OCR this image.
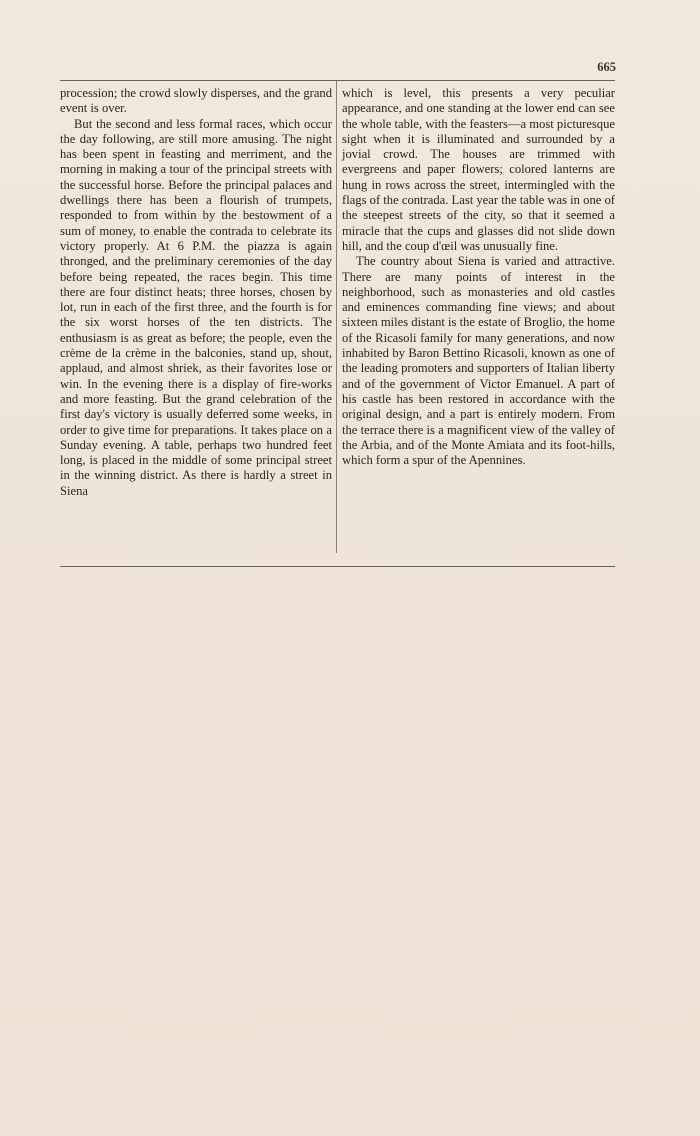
665

procession; the crowd slowly disperses, and the grand event is over.

But the second and less formal races, which occur the day following, are still more amusing. The night has been spent in feasting and merriment, and the morning in making a tour of the principal streets with the successful horse. Before the principal palaces and dwellings there has been a flourish of trumpets, responded to from within by the bestowment of a sum of money, to enable the contrada to celebrate its victory properly. At 6 P.M. the piazza is again thronged, and the preliminary ceremonies of the day before being repeated, the races begin. This time there are four distinct heats; three horses, chosen by lot, run in each of the first three, and the fourth is for the six worst horses of the ten districts. The enthusiasm is as great as before; the people, even the crème de la crème in the balconies, stand up, shout, applaud, and almost shriek, as their favorites lose or win. In the evening there is a display of fire-works and more feasting. But the grand celebration of the first day's victory is usually deferred some weeks, in order to give time for preparations. It takes place on a Sunday evening. A table, perhaps two hundred feet long, is placed in the middle of some principal street in the winning district. As there is hardly a street in Siena

which is level, this presents a very peculiar appearance, and one standing at the lower end can see the whole table, with the feasters—a most picturesque sight when it is illuminated and surrounded by a jovial crowd. The houses are trimmed with evergreens and paper flowers; colored lanterns are hung in rows across the street, intermingled with the flags of the contrada. Last year the table was in one of the steepest streets of the city, so that it seemed a miracle that the cups and glasses did not slide down hill, and the coup d'œil was unusually fine.

The country about Siena is varied and attractive. There are many points of interest in the neighborhood, such as monasteries and old castles and eminences commanding fine views; and about sixteen miles distant is the estate of Broglio, the home of the Ricasoli family for many generations, and now inhabited by Baron Bettino Ricasoli, known as one of the leading promoters and supporters of Italian liberty and of the government of Victor Emanuel. A part of his castle has been restored in accordance with the original design, and a part is entirely modern. From the terrace there is a magnificent view of the valley of the Arbia, and of the Monte Amiata and its foot-hills, which form a spur of the Apennines.
